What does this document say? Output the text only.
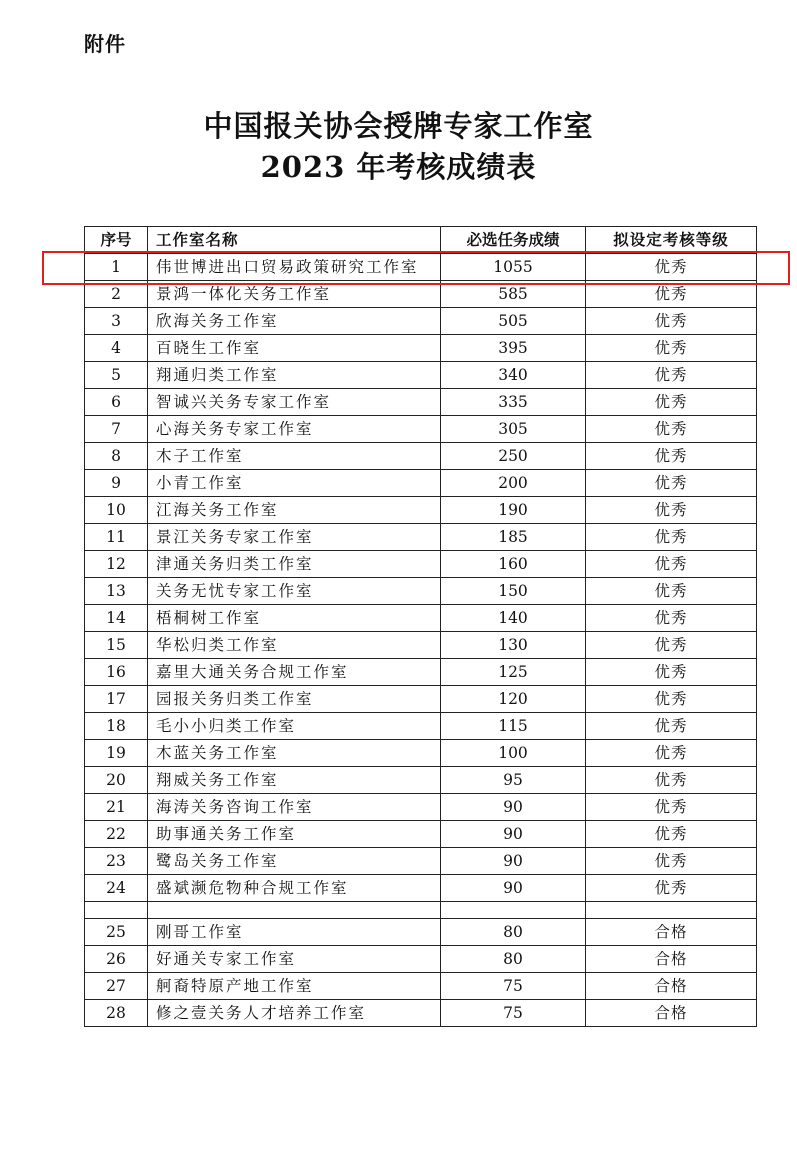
附件
中国报关协会授牌专家工作室
2023 年考核成绩表
序号	工作室名称	必选任务成绩	拟设定考核等级
1	伟世博进出口贸易政策研究工作室	1055	优秀
2	景鸿一体化关务工作室	585	优秀
3	欣海关务工作室	505	优秀
4	百晓生工作室	395	优秀
5	翔通归类工作室	340	优秀
6	智诚兴关务专家工作室	335	优秀
7	心海关务专家工作室	305	优秀
8	木子工作室	250	优秀
9	小青工作室	200	优秀
10	江海关务工作室	190	优秀
11	景江关务专家工作室	185	优秀
12	津通关务归类工作室	160	优秀
13	关务无忧专家工作室	150	优秀
14	梧桐树工作室	140	优秀
15	华松归类工作室	130	优秀
16	嘉里大通关务合规工作室	125	优秀
17	园报关务归类工作室	120	优秀
18	毛小小归类工作室	115	优秀
19	木蓝关务工作室	100	优秀
20	翔威关务工作室	95	优秀
21	海涛关务咨询工作室	90	优秀
22	助事通关务工作室	90	优秀
23	鹭岛关务工作室	90	优秀
24	盛斌濒危物种合规工作室	90	优秀

25	刚哥工作室	80	合格
26	好通关专家工作室	80	合格
27	舸裔特原产地工作室	75	合格
28	修之壹关务人才培养工作室	75	合格
